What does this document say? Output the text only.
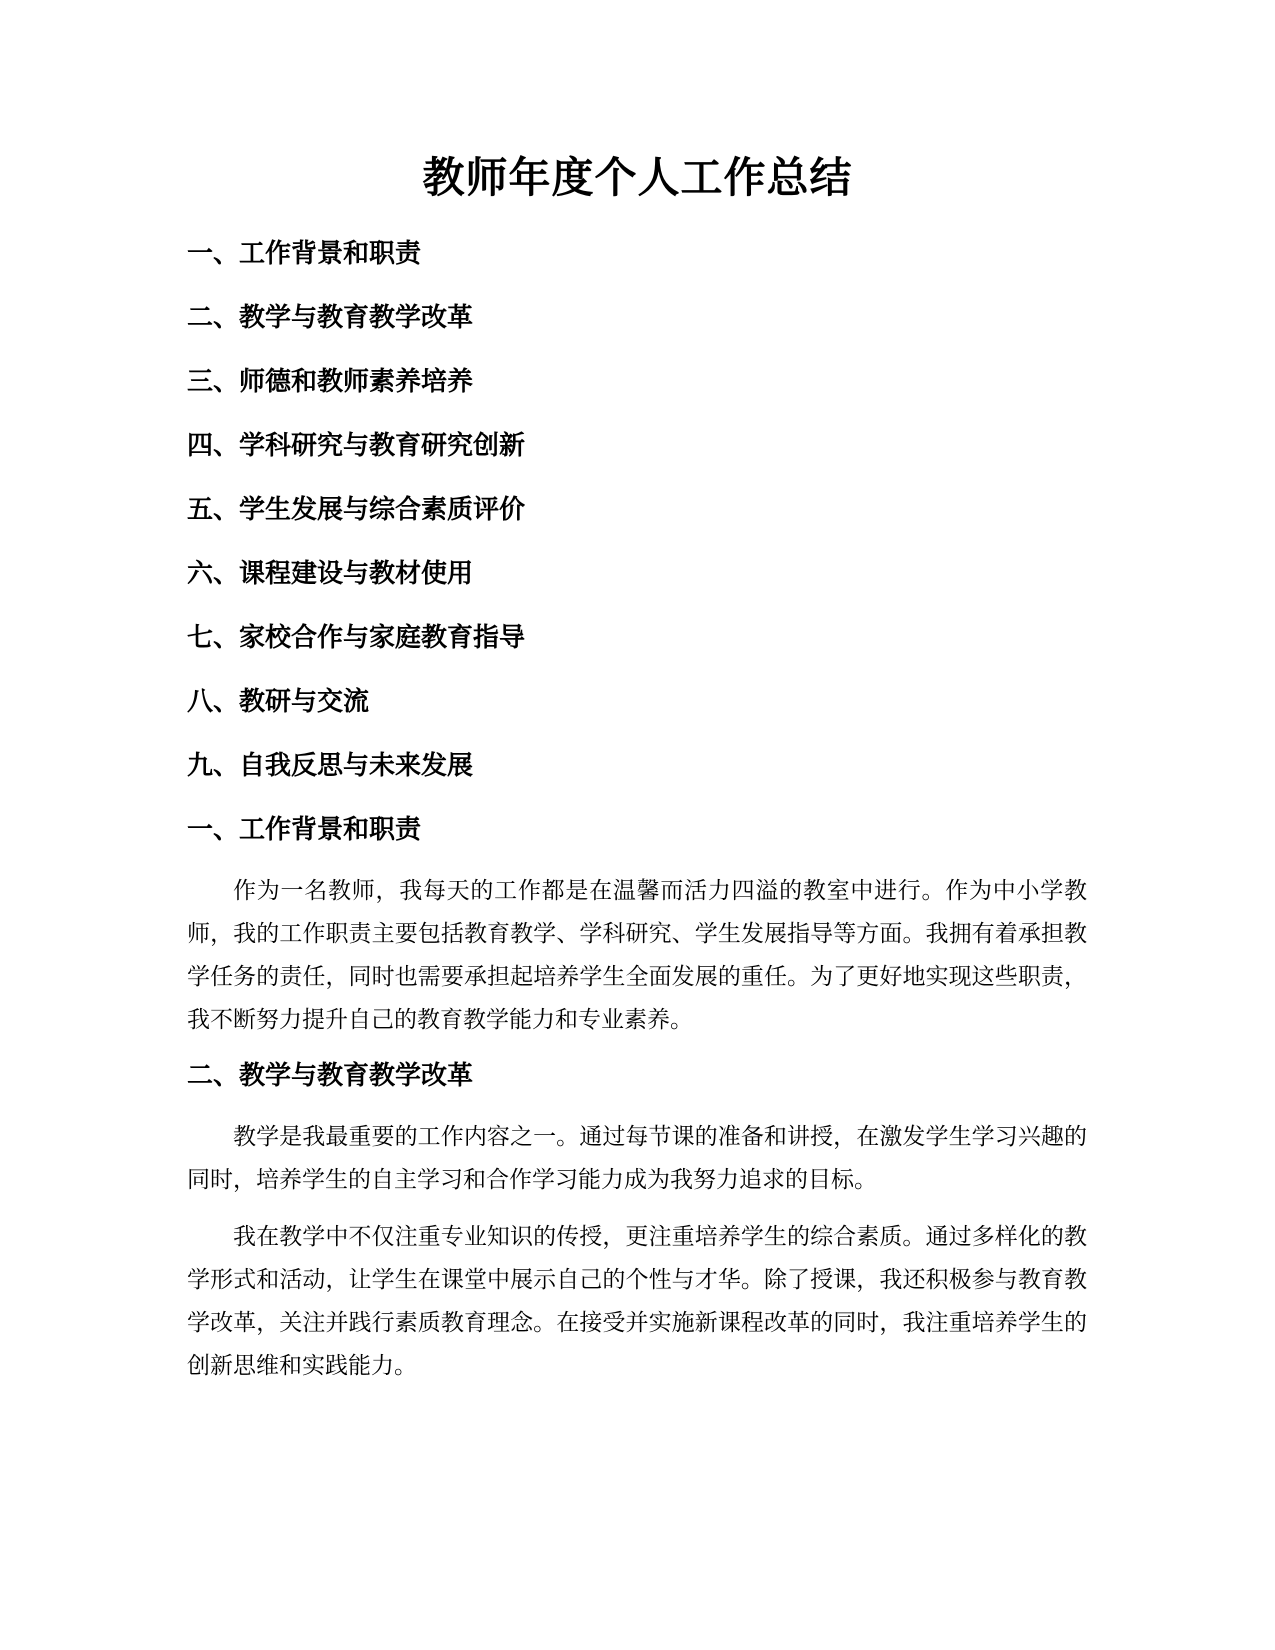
教师年度个人工作总结
一、工作背景和职责
二、教学与教育教学改革
三、师德和教师素养培养
四、学科研究与教育研究创新
五、学生发展与综合素质评价
六、课程建设与教材使用
七、家校合作与家庭教育指导
八、教研与交流
九、自我反思与未来发展
一、工作背景和职责

作为一名教师，我每天的工作都是在温馨而活力四溢的教室中进行。作为中小学教师，我的工作职责主要包括教育教学、学科研究、学生发展指导等方面。我拥有着承担教学任务的责任，同时也需要承担起培养学生全面发展的重任。为了更好地实现这些职责，我不断努力提升自己的教育教学能力和专业素养。

二、教学与教育教学改革

教学是我最重要的工作内容之一。通过每节课的准备和讲授，在激发学生学习兴趣的同时，培养学生的自主学习和合作学习能力成为我努力追求的目标。

我在教学中不仅注重专业知识的传授，更注重培养学生的综合素质。通过多样化的教学形式和活动，让学生在课堂中展示自己的个性与才华。除了授课，我还积极参与教育教学改革，关注并践行素质教育理念。在接受并实施新课程改革的同时，我注重培养学生的创新思维和实践能力。
